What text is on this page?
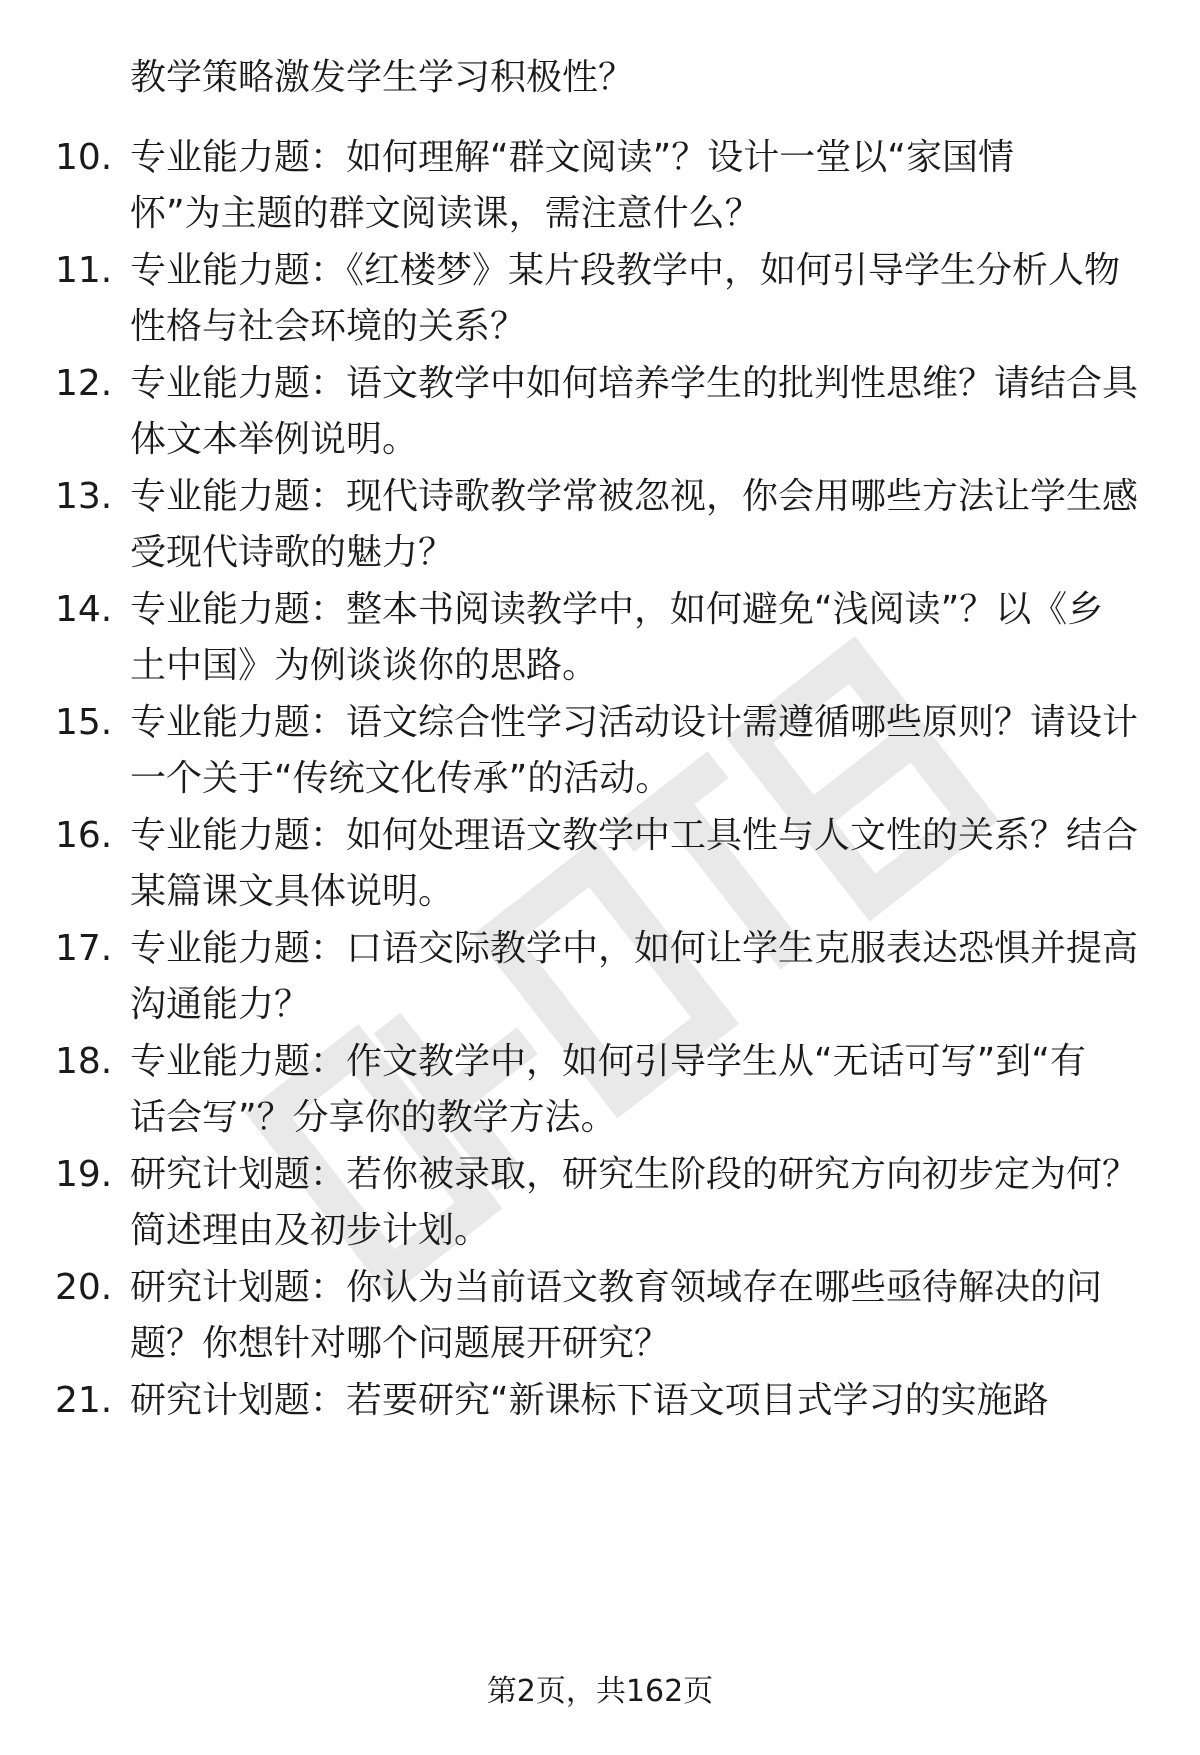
教学策略激发学生学习积极性？
10. 专业能力题：如何理解“群文阅读”？设计一堂以“家国情
怀”为主题的群文阅读课，需注意什么？
11. 专业能力题：《红楼梦》某片段教学中，如何引导学生分析人物
性格与社会环境的关系？
12. 专业能力题：语文教学中如何培养学生的批判性思维？请结合具
体文本举例说明。
13. 专业能力题：现代诗歌教学常被忽视，你会用哪些方法让学生感
受现代诗歌的魅力？
14. 专业能力题：整本书阅读教学中，如何避免“浅阅读”？以《乡
土中国》为例谈谈你的思路。
15. 专业能力题：语文综合性学习活动设计需遵循哪些原则？请设计
一个关于“传统文化传承”的活动。
16. 专业能力题：如何处理语文教学中工具性与人文性的关系？结合
某篇课文具体说明。
17. 专业能力题：口语交际教学中，如何让学生克服表达恐惧并提高
沟通能力？
18. 专业能力题：作文教学中，如何引导学生从“无话可写”到“有
话会写”？分享你的教学方法。
19. 研究计划题：若你被录取，研究生阶段的研究方向初步定为何？
简述理由及初步计划。
20. 研究计划题：你认为当前语文教育领域存在哪些亟待解决的问
题？你想针对哪个问题展开研究？
21. 研究计划题：若要研究“新课标下语文项目式学习的实施路
第2页，共162页
